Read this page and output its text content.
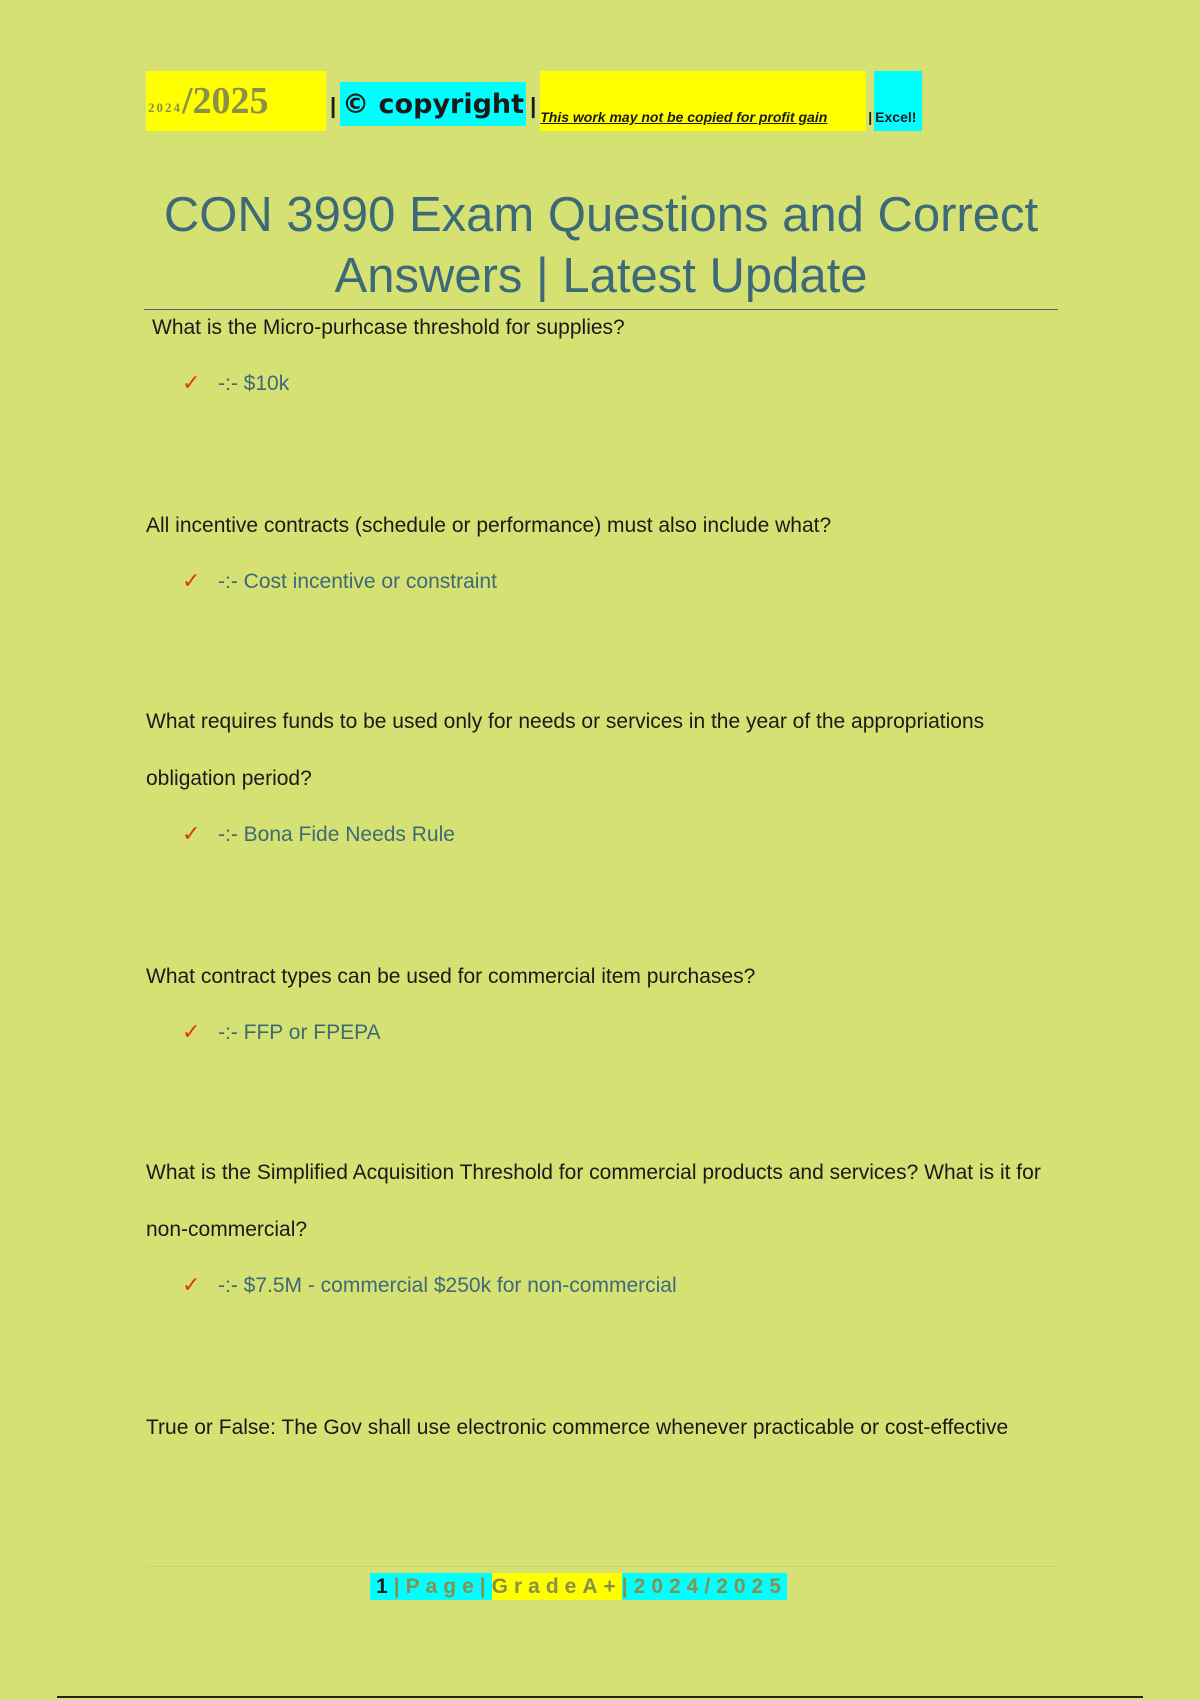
2024 /2025	| © copyright | This work may not be copied for profit gain	| Excel!
CON 3990 Exam Questions and Correct Answers | Latest Update

What is the Micro-purhcase threshold for supplies?

✓ -:- $10k

All incentive contracts (schedule or performance) must also include what?

✓ -:- Cost incentive or constraint

What requires funds to be used only for needs or services in the year of the appropriations obligation period?

✓ -:- Bona Fide Needs Rule

What contract types can be used for commercial item purchases?

✓ -:- FFP or FPEPA

What is the Simplified Acquisition Threshold for commercial products and services? What is it for non-commercial?

✓ -:- $7.5M - commercial $250k for non-commercial

True or False: The Gov shall use electronic commerce whenever practicable or cost-effective

1 |Page| GradeA+ |2024/2025
